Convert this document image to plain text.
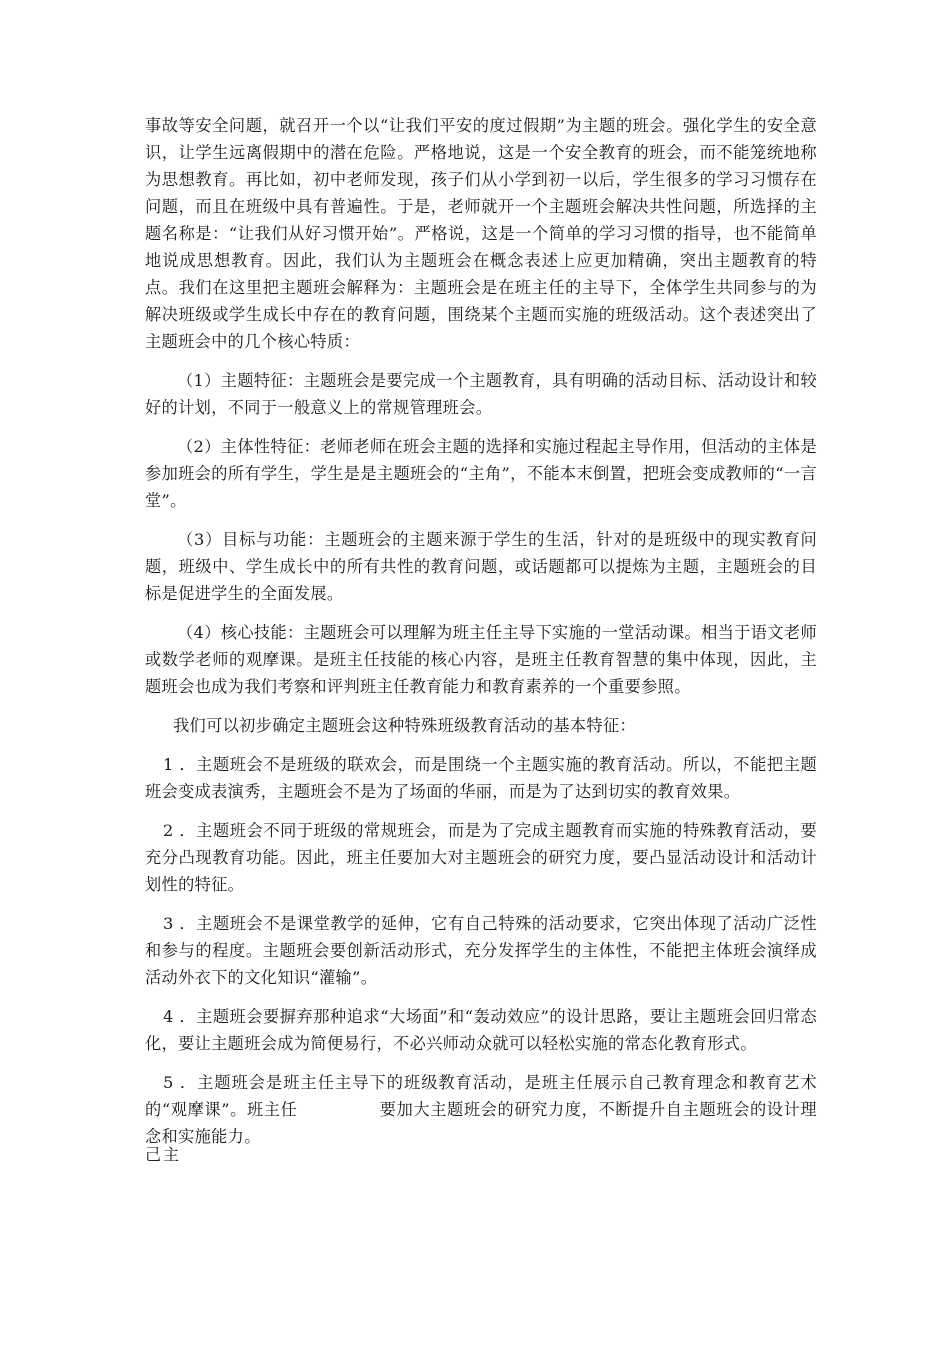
事故等安全问题，就召开一个以“让我们平安的度过假期”为主题的班会。强化学生的安全意识，让学生远离假期中的潜在危险。严格地说，这是一个安全教育的班会，而不能笼统地称为思想教育。再比如，初中老师发现，孩子们从小学到初一以后，学生很多的学习习惯存在问题，而且在班级中具有普遍性。于是，老师就开一个主题班会解决共性问题，所选择的主题名称是：“让我们从好习惯开始”。严格说，这是一个简单的学习习惯的指导，也不能简单地说成思想教育。因此，我们认为主题班会在概念表述上应更加精确，突出主题教育的特点。我们在这里把主题班会解释为：主题班会是在班主任的主导下，全体学生共同参与的为解决班级或学生成长中存在的教育问题，围绕某个主题而实施的班级活动。这个表述突出了主题班会中的几个核心特质：

（1）主题特征：主题班会是要完成一个主题教育，具有明确的活动目标、活动设计和较好的计划，不同于一般意义上的常规管理班会。

（2）主体性特征：老师老师在班会主题的选择和实施过程起主导作用，但活动的主体是参加班会的所有学生，学生是是主题班会的“主角”，不能本末倒置，把班会变成教师的“一言堂”。

（3）目标与功能：主题班会的主题来源于学生的生活，针对的是班级中的现实教育问题，班级中、学生成长中的所有共性的教育问题，或话题都可以提炼为主题，主题班会的目标是促进学生的全面发展。

（4）核心技能：主题班会可以理解为班主任主导下实施的一堂活动课。相当于语文老师或数学老师的观摩课。是班主任技能的核心内容，是班主任教育智慧的集中体现，因此，主题班会也成为我们考察和评判班主任教育能力和教育素养的一个重要参照。

我们可以初步确定主题班会这种特殊班级教育活动的基本特征：

1 ．主题班会不是班级的联欢会，而是围绕一个主题实施的教育活动。所以，不能把主题班会变成表演秀，主题班会不是为了场面的华丽，而是为了达到切实的教育效果。

2 ．主题班会不同于班级的常规班会，而是为了完成主题教育而实施的特殊教育活动，要充分凸现教育功能。因此，班主任要加大对主题班会的研究力度，要凸显活动设计和活动计划性的特征。

3 ．主题班会不是课堂教学的延伸，它有自己特殊的活动要求，它突出体现了活动广泛性和参与的程度。主题班会要创新活动形式，充分发挥学生的主体性，不能把主体班会演绎成活动外衣下的文化知识“灌输”。

4 ．主题班会要摒弃那种追求“大场面”和“轰动效应”的设计思路，要让主题班会回归常态化，要让主题班会成为简便易行，不必兴师动众就可以轻松实施的常态化教育形式。

5 ．主题班会是班主任主导下的班级教育活动，是班主任展示自己教育理念和教育艺术的“观摩课”。班主任	要加大主题班会的研究力度，不断提升自主题班会的设计理念和实施能力。

己主
